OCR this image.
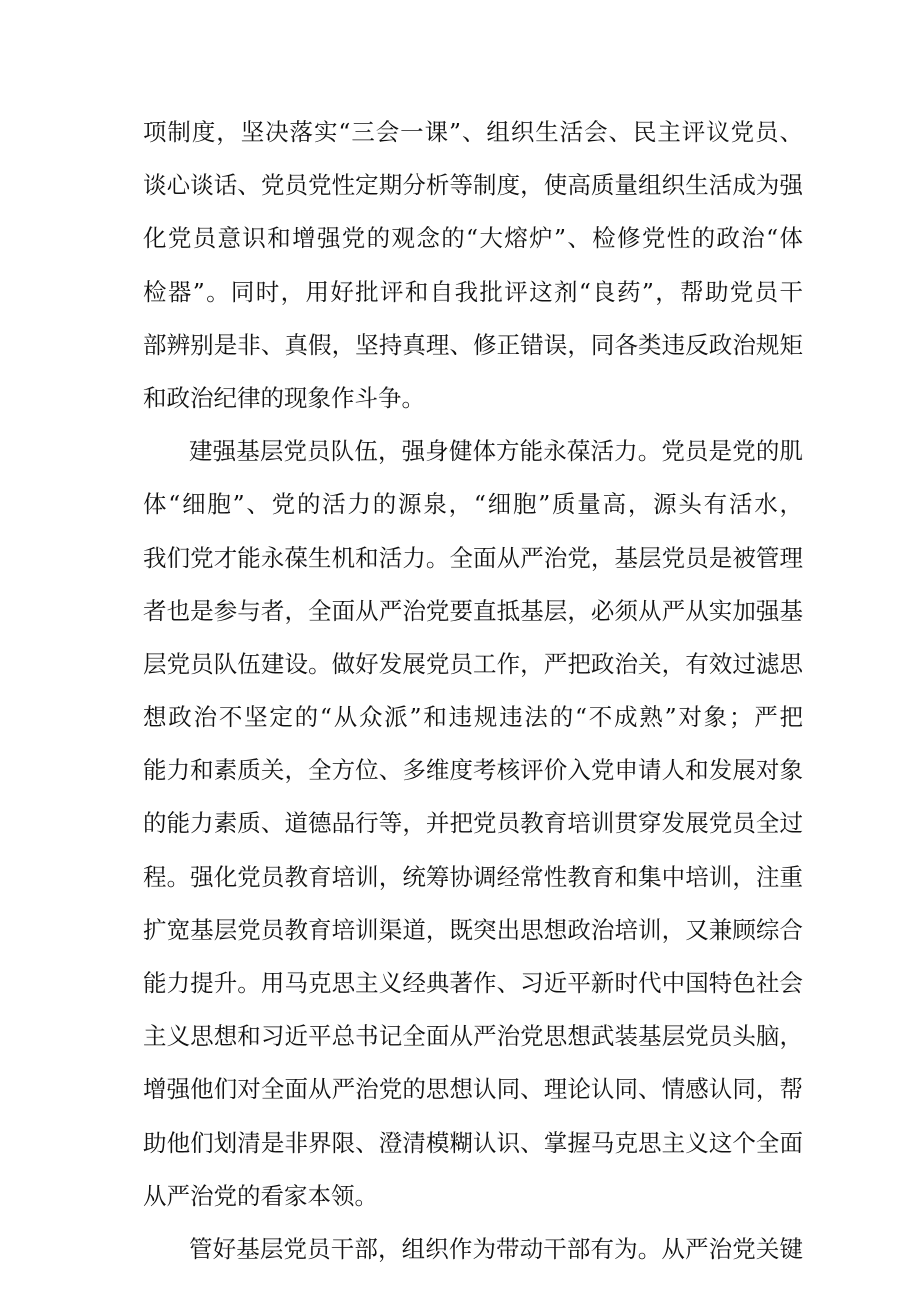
项制度，坚决落实“三会一课”、组织生活会、民主评议党员、
谈心谈话、党员党性定期分析等制度，使高质量组织生活成为强
化党员意识和增强党的观念的“大熔炉”、检修党性的政治“体
检器”。同时，用好批评和自我批评这剂“良药”，帮助党员干
部辨别是非、真假，坚持真理、修正错误，同各类违反政治规矩
和政治纪律的现象作斗争。
建强基层党员队伍，强身健体方能永葆活力。党员是党的肌
体“细胞”、党的活力的源泉，“细胞”质量高，源头有活水，
我们党才能永葆生机和活力。全面从严治党，基层党员是被管理
者也是参与者，全面从严治党要直抵基层，必须从严从实加强基
层党员队伍建设。做好发展党员工作，严把政治关，有效过滤思
想政治不坚定的“从众派”和违规违法的“不成熟”对象；严把
能力和素质关，全方位、多维度考核评价入党申请人和发展对象
的能力素质、道德品行等，并把党员教育培训贯穿发展党员全过
程。强化党员教育培训，统筹协调经常性教育和集中培训，注重
扩宽基层党员教育培训渠道，既突出思想政治培训，又兼顾综合
能力提升。用马克思主义经典著作、习近平新时代中国特色社会
主义思想和习近平总书记全面从严治党思想武装基层党员头脑，
增强他们对全面从严治党的思想认同、理论认同、情感认同，帮
助他们划清是非界限、澄清模糊认识、掌握马克思主义这个全面
从严治党的看家本领。
管好基层党员干部，组织作为带动干部有为。从严治党关键
